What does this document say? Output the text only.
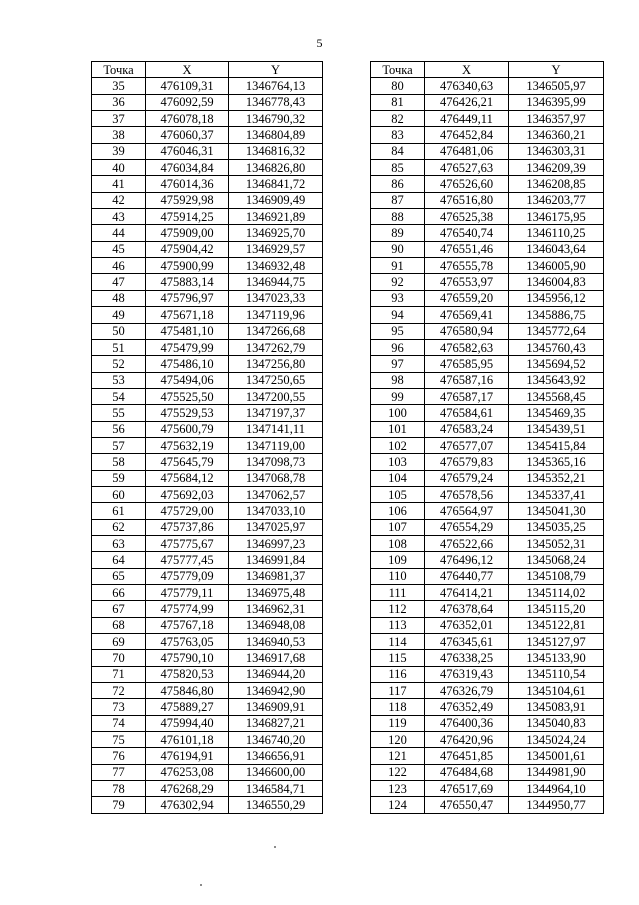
5
Точка	X	Y
35	476109,31	1346764,13
36	476092,59	1346778,43
37	476078,18	1346790,32
38	476060,37	1346804,89
39	476046,31	1346816,32
40	476034,84	1346826,80
41	476014,36	1346841,72
42	475929,98	1346909,49
43	475914,25	1346921,89
44	475909,00	1346925,70
45	475904,42	1346929,57
46	475900,99	1346932,48
47	475883,14	1346944,75
48	475796,97	1347023,33
49	475671,18	1347119,96
50	475481,10	1347266,68
51	475479,99	1347262,79
52	475486,10	1347256,80
53	475494,06	1347250,65
54	475525,50	1347200,55
55	475529,53	1347197,37
56	475600,79	1347141,11
57	475632,19	1347119,00
58	475645,79	1347098,73
59	475684,12	1347068,78
60	475692,03	1347062,57
61	475729,00	1347033,10
62	475737,86	1347025,97
63	475775,67	1346997,23
64	475777,45	1346991,84
65	475779,09	1346981,37
66	475779,11	1346975,48
67	475774,99	1346962,31
68	475767,18	1346948,08
69	475763,05	1346940,53
70	475790,10	1346917,68
71	475820,53	1346944,20
72	475846,80	1346942,90
73	475889,27	1346909,91
74	475994,40	1346827,21
75	476101,18	1346740,20
76	476194,91	1346656,91
77	476253,08	1346600,00
78	476268,29	1346584,71
79	476302,94	1346550,29
Точка	X	Y
80	476340,63	1346505,97
81	476426,21	1346395,99
82	476449,11	1346357,97
83	476452,84	1346360,21
84	476481,06	1346303,31
85	476527,63	1346209,39
86	476526,60	1346208,85
87	476516,80	1346203,77
88	476525,38	1346175,95
89	476540,74	1346110,25
90	476551,46	1346043,64
91	476555,78	1346005,90
92	476553,97	1346004,83
93	476559,20	1345956,12
94	476569,41	1345886,75
95	476580,94	1345772,64
96	476582,63	1345760,43
97	476585,95	1345694,52
98	476587,16	1345643,92
99	476587,17	1345568,45
100	476584,61	1345469,35
101	476583,24	1345439,51
102	476577,07	1345415,84
103	476579,83	1345365,16
104	476579,24	1345352,21
105	476578,56	1345337,41
106	476564,97	1345041,30
107	476554,29	1345035,25
108	476522,66	1345052,31
109	476496,12	1345068,24
110	476440,77	1345108,79
111	476414,21	1345114,02
112	476378,64	1345115,20
113	476352,01	1345122,81
114	476345,61	1345127,97
115	476338,25	1345133,90
116	476319,43	1345110,54
117	476326,79	1345104,61
118	476352,49	1345083,91
119	476400,36	1345040,83
120	476420,96	1345024,24
121	476451,85	1345001,61
122	476484,68	1344981,90
123	476517,69	1344964,10
124	476550,47	1344950,77
